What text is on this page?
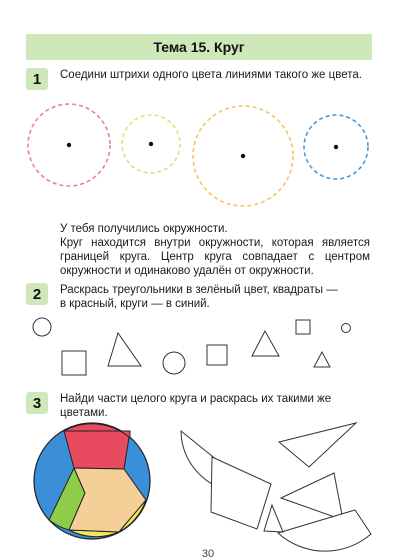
Тема 15. Круг
1	Соедини штрихи одного цвета линиями такого же цвета.

У тебя получились окружности.

Круг находится внутри окружности, которая является границей круга. Центр круга совпадает с центром окружности и одинаково удалён от окружности.

2	Раскрась треугольники в зелёный цвет, квадраты —

в красный, круги — в синий.

3	Найди части целого круга и раскрась их такими же

цветами.

30
